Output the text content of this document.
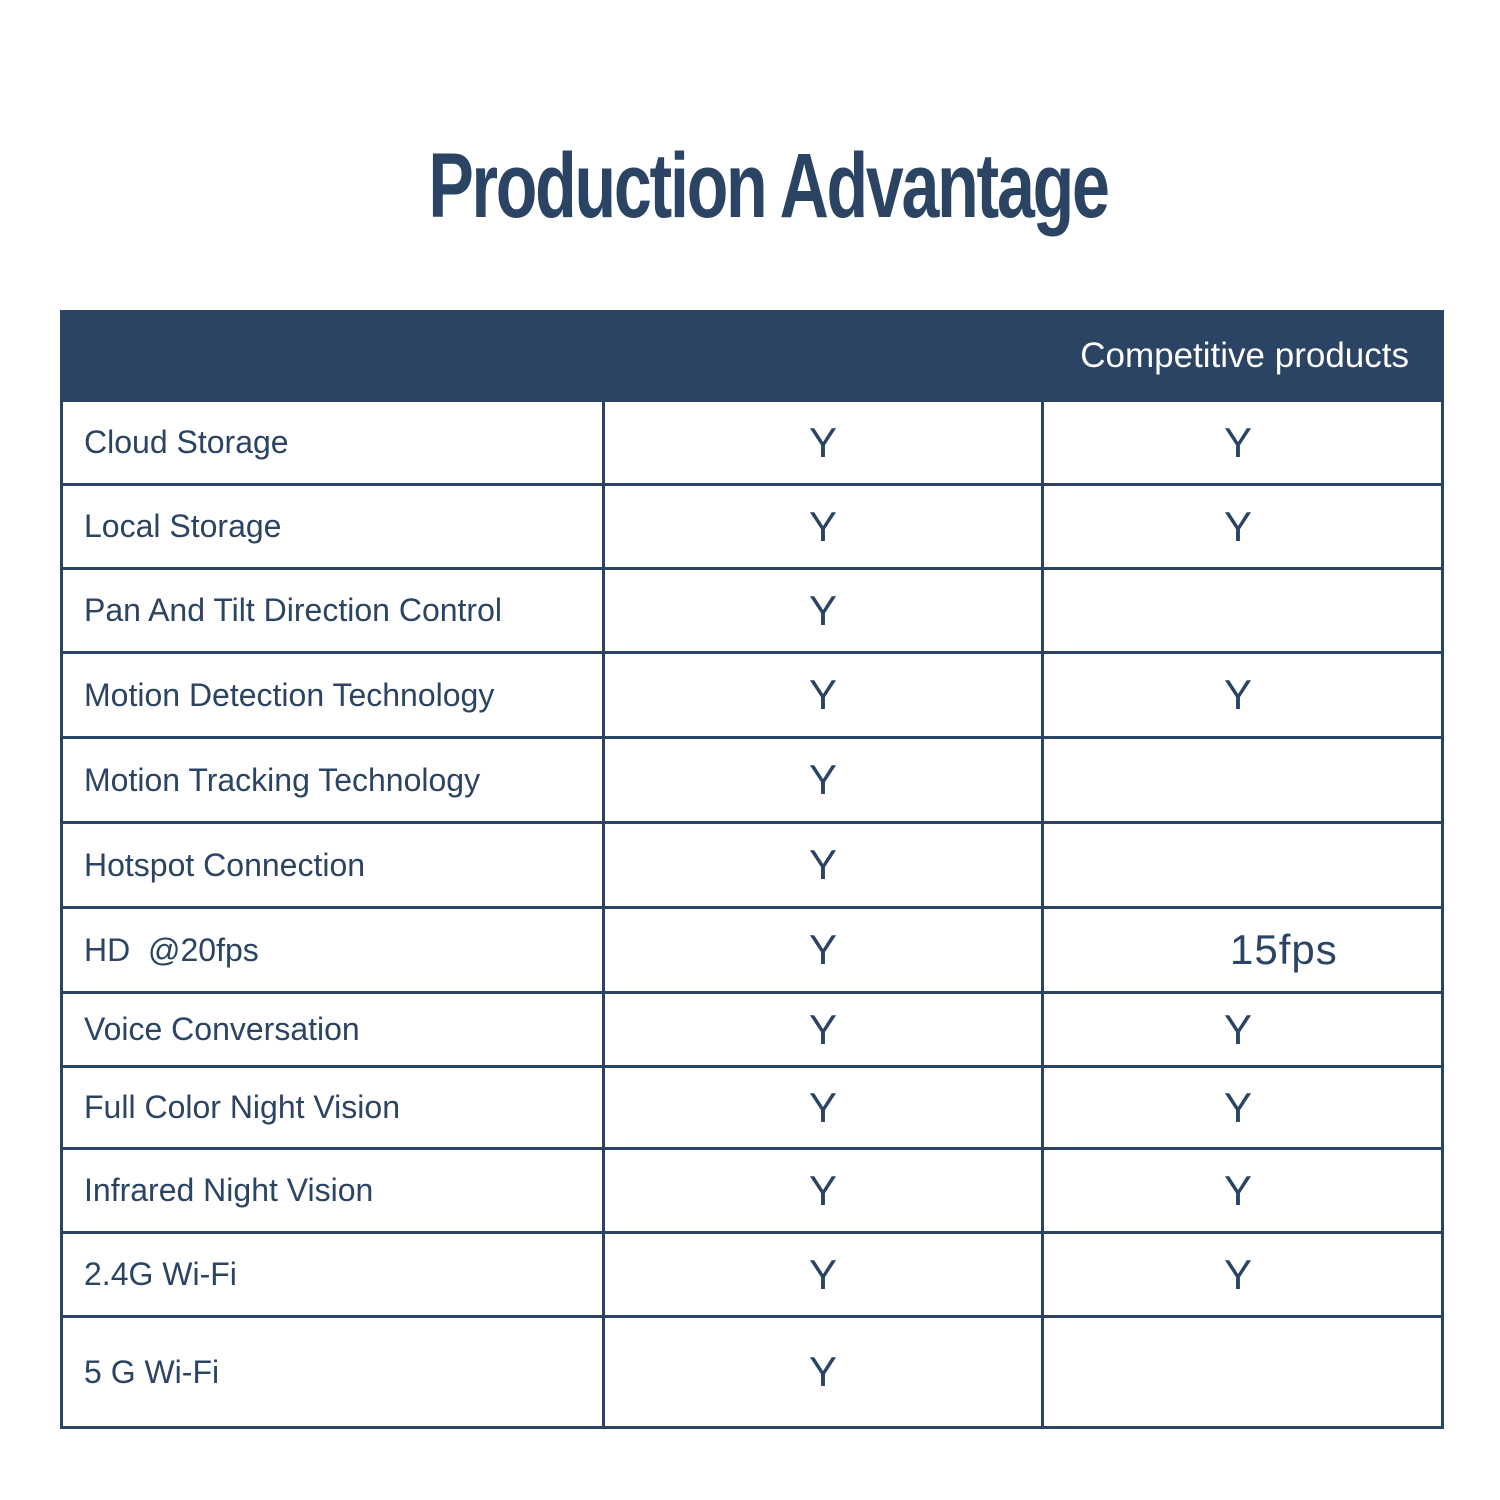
Production Advantage
		Competitive products
Cloud Storage	Y	Y
Local Storage	Y	Y
Pan And Tilt Direction Control	Y	
Motion Detection Technology	Y	Y
Motion Tracking Technology	Y	
Hotspot Connection	Y	
HD  @20fps	Y	15fps
Voice Conversation	Y	Y
Full Color Night Vision	Y	Y
Infrared Night Vision	Y	Y
2.4G Wi-Fi	Y	Y
5 G Wi-Fi	Y	
